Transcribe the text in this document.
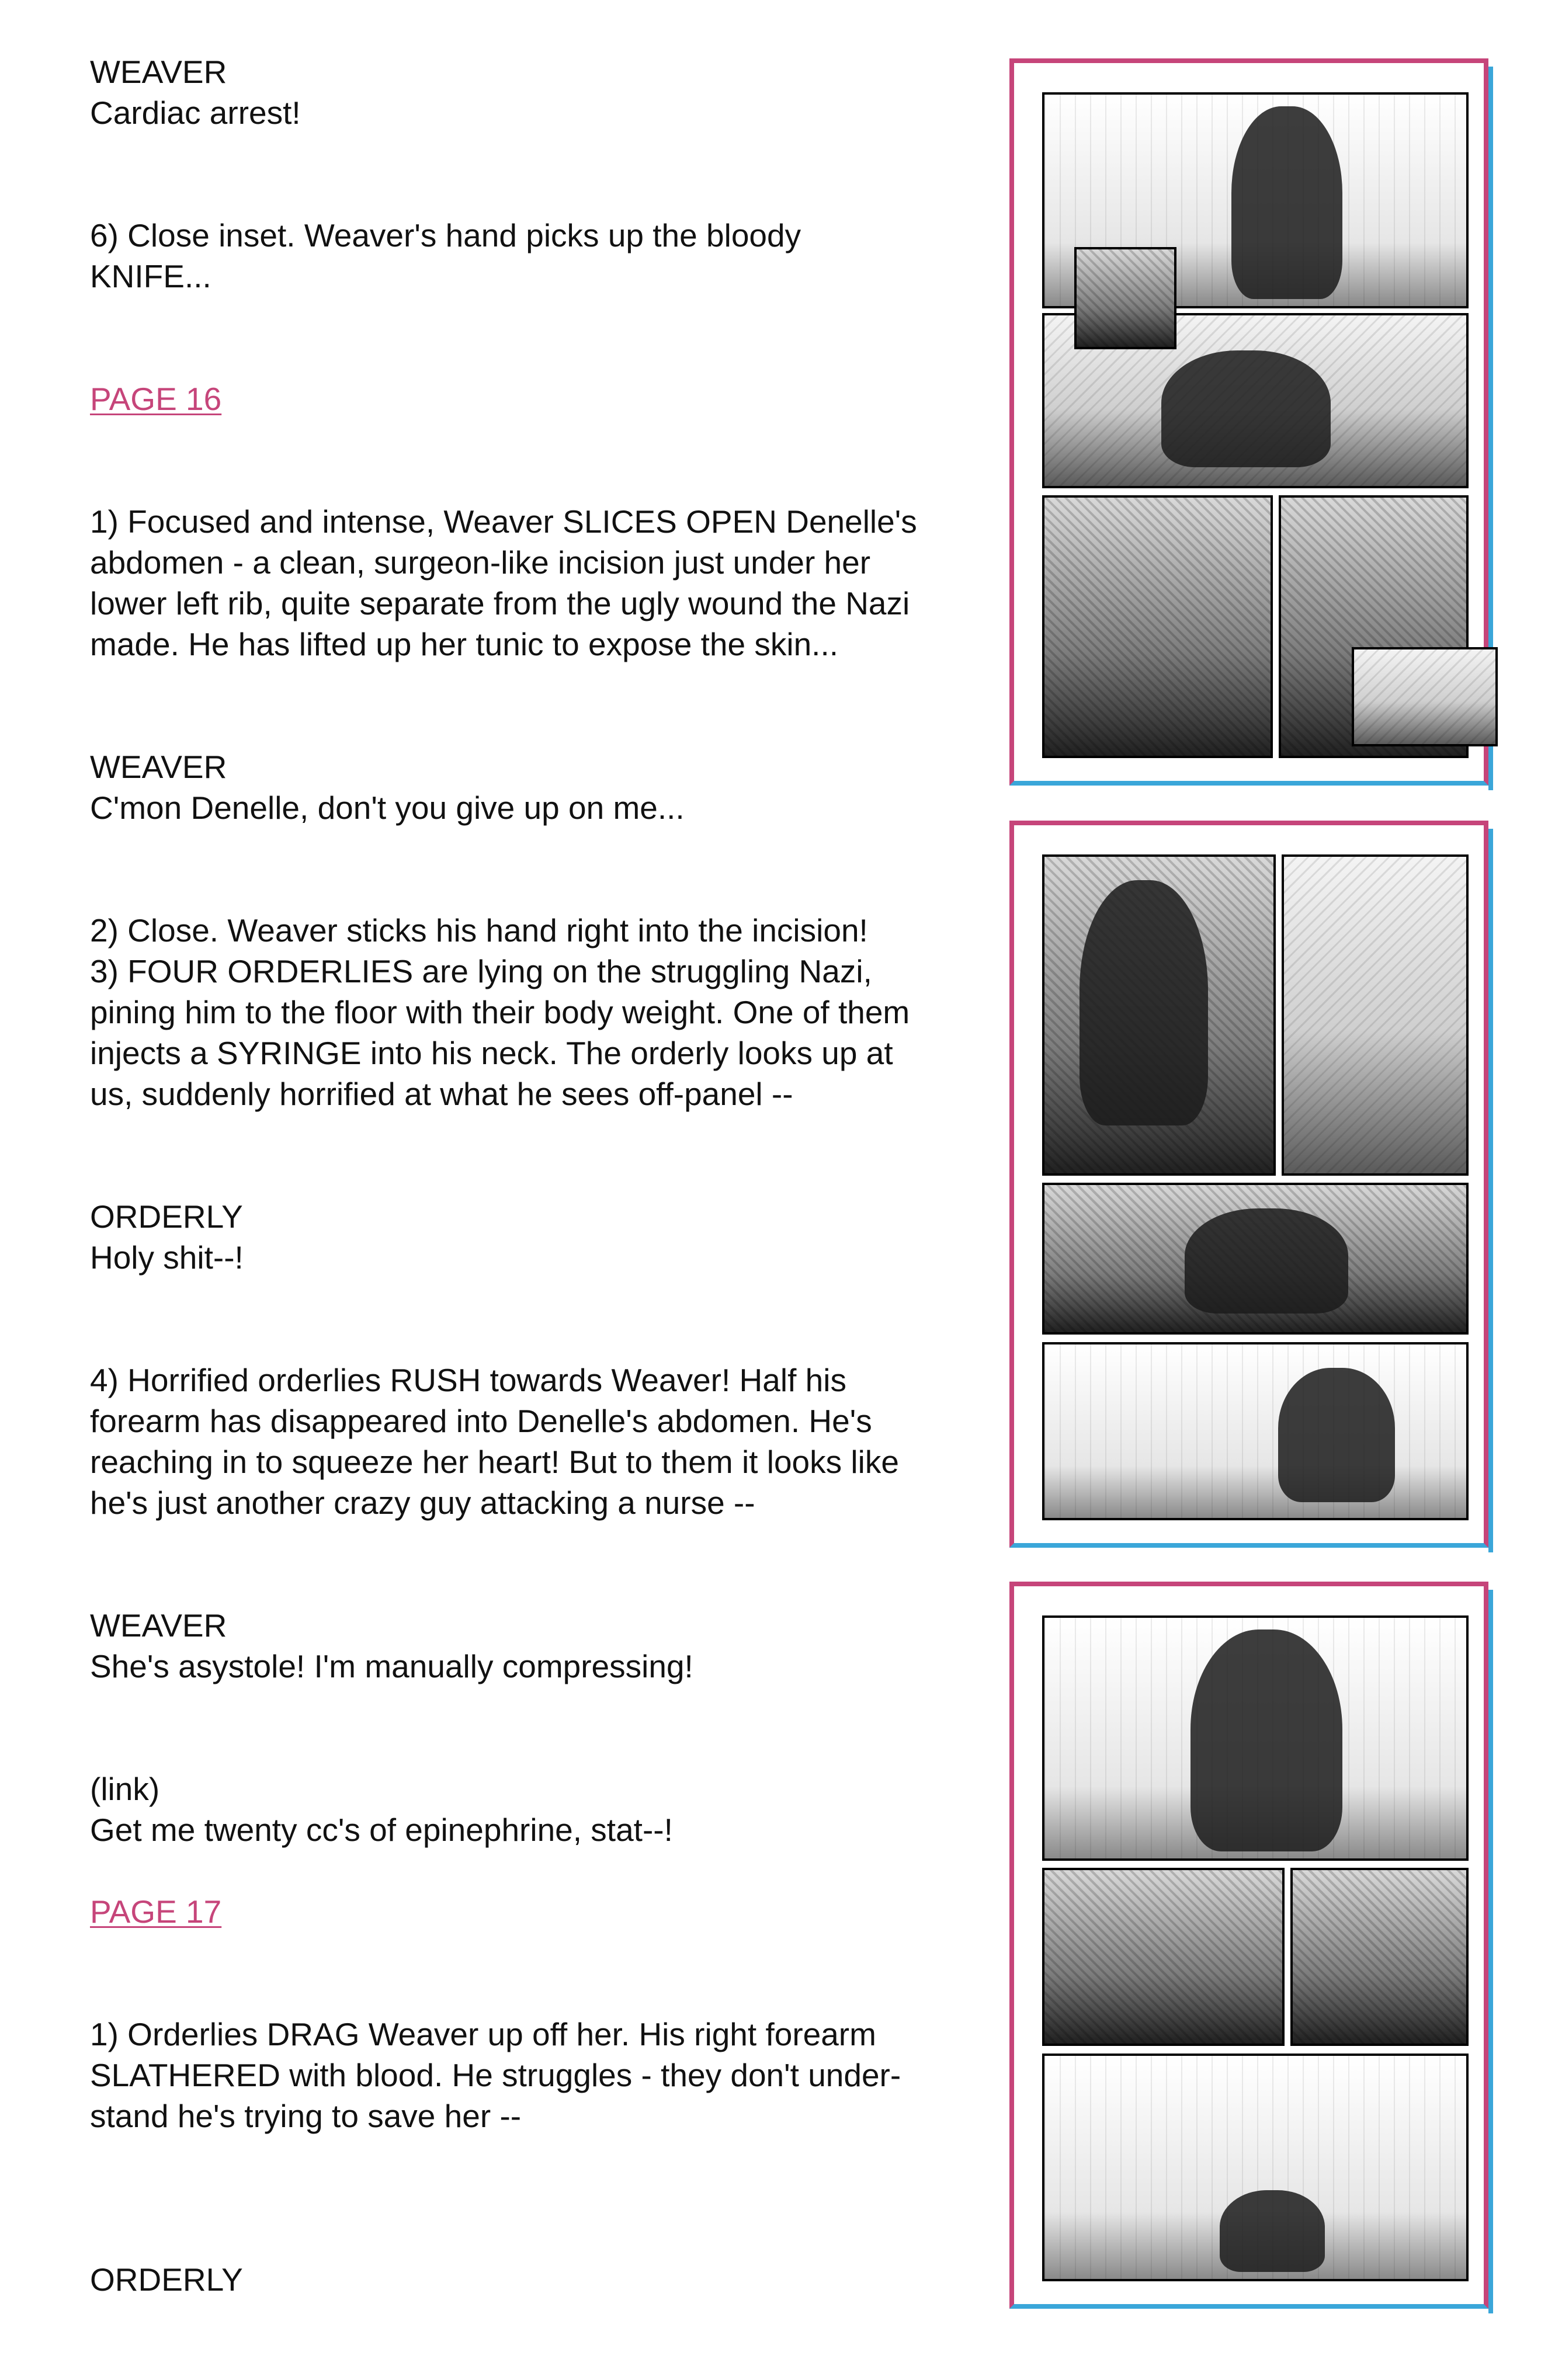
WEAVER
Cardiac arrest!
6) Close inset. Weaver's hand picks up the bloody
KNIFE...
PAGE 16
1) Focused and intense, Weaver SLICES OPEN Denelle's
abdomen - a clean, surgeon-like incision just under her
lower left rib, quite separate from the ugly wound the Nazi
made. He has lifted up her tunic to expose the skin...
WEAVER
C'mon Denelle, don't you give up on me...
2) Close. Weaver sticks his hand right into the incision!
3) FOUR ORDERLIES are lying on the struggling Nazi,
pining him to the floor with their body weight. One of them
injects a SYRINGE into his neck. The orderly looks up at
us, suddenly horrified at what he sees off-panel --
ORDERLY
Holy shit--!
4) Horrified orderlies RUSH towards Weaver! Half his
forearm has disappeared into Denelle's abdomen. He's
reaching in to squeeze her heart! But to them it looks like
he's just another crazy guy attacking a nurse --
WEAVER
She's asystole! I'm manually compressing!
(link)
Get me twenty cc's of epinephrine, stat--!
PAGE 17
1) Orderlies DRAG Weaver up off her. His right forearm
SLATHERED with blood. He struggles - they don't under-
stand he's trying to save her --
ORDERLY
